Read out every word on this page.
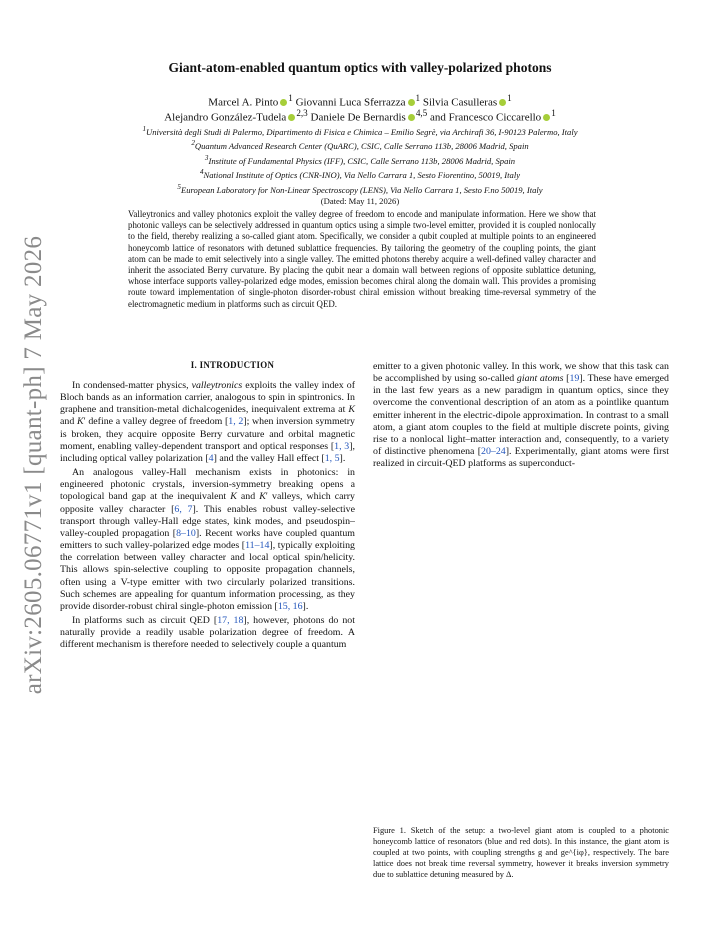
arXiv:2605.06771v1 [quant-ph] 7 May 2026
Giant-atom-enabled quantum optics with valley-polarized photons
Marcel A. Pinto $^1$ Giovanni Luca Sferrazza $^1$ Silvia Casulleras $^1$
Alejandro González-Tudela $^{2,3}$ Daniele De Bernardis $^{4,5}$ and Francesco Ciccarello $^1$
$^1$Università degli Studi di Palermo, Dipartimento di Fisica e Chimica – Emilio Segrè, via Archirafi 36, I-90123 Palermo, Italy
$^2$Quantum Advanced Research Center (QuARC), CSIC, Calle Serrano 113b, 28006 Madrid, Spain
$^3$Institute of Fundamental Physics (IFF), CSIC, Calle Serrano 113b, 28006 Madrid, Spain
$^4$National Institute of Optics (CNR-INO), Via Nello Carrara 1, Sesto Fiorentino, 50019, Italy
$^5$European Laboratory for Non-Linear Spectroscopy (LENS), Via Nello Carrara 1, Sesto F.no 50019, Italy
(Dated: May 11, 2026)
Valleytronics and valley photonics exploit the valley degree of freedom to encode and manipulate information. Here we show that photonic valleys can be selectively addressed in quantum optics using a simple two-level emitter, provided it is coupled nonlocally to the field, thereby realizing a so-called giant atom. Specifically, we consider a qubit coupled at multiple points to an engineered honeycomb lattice of resonators with detuned sublattice frequencies. By tailoring the geometry of the coupling points, the giant atom can be made to emit selectively into a single valley. The emitted photons thereby acquire a well-defined valley character and inherit the associated Berry curvature. By placing the qubit near a domain wall between regions of opposite sublattice detuning, whose interface supports valley-polarized edge modes, emission becomes chiral along the domain wall. This provides a promising route toward implementation of single-photon disorder-robust chiral emission without breaking time-reversal symmetry of the electromagnetic medium in platforms such as circuit QED.
I. INTRODUCTION

In condensed-matter physics, valleytronics exploits the valley index of Bloch bands as an information carrier, analogous to spin in spintronics. In graphene and transition-metal dichalcogenides, inequivalent extrema at K and K′ define a valley degree of freedom [1, 2]; when inversion symmetry is broken, they acquire opposite Berry curvature and orbital magnetic moment, enabling valley-dependent transport and optical responses [1, 3], including optical valley polarization [4] and the valley Hall effect [1, 5].

An analogous valley-Hall mechanism exists in photonics: in engineered photonic crystals, inversion-symmetry breaking opens a topological band gap at the inequivalent K and K′ valleys, which carry opposite valley character [6, 7]. This enables robust valley-selective transport through valley-Hall edge states, kink modes, and pseudospin–valley-coupled propagation [8–10]. Recent works have coupled quantum emitters to such valley-polarized edge modes [11–14], typically exploiting the correlation between valley character and local optical spin/helicity. This allows spin-selective coupling to opposite propagation channels, often using a V-type emitter with two circularly polarized transitions. Such schemes are appealing for quantum information processing, as they provide disorder-robust chiral single-photon emission [15, 16].

In platforms such as circuit QED [17, 18], however, photons do not naturally provide a readily usable polarization degree of freedom. A different mechanism is therefore needed to selectively couple a quantum

emitter to a given photonic valley. In this work, we show that this task can be accomplished by using so-called giant atoms [19]. These have emerged in the last few years as a new paradigm in quantum optics, since they overcome the conventional description of an atom as a pointlike quantum emitter inherent in the electric-dipole approximation. In contrast to a small atom, a giant atom couples to the field at multiple discrete points, giving rise to a nonlocal light–matter interaction and, consequently, to a variety of distinctive phenomena [20–24]. Experimentally, giant atoms were first realized in circuit-QED platforms as superconduct-

Figure 1. Sketch of the setup: a two-level giant atom is coupled to a photonic honeycomb lattice of resonators (blue and red dots). In this instance, the giant atom is coupled at two points, with coupling strengths g and ge^{iφ}, respectively. The bare lattice does not break time reversal symmetry, however it breaks inversion symmetry due to sublattice detuning measured by Δ.
